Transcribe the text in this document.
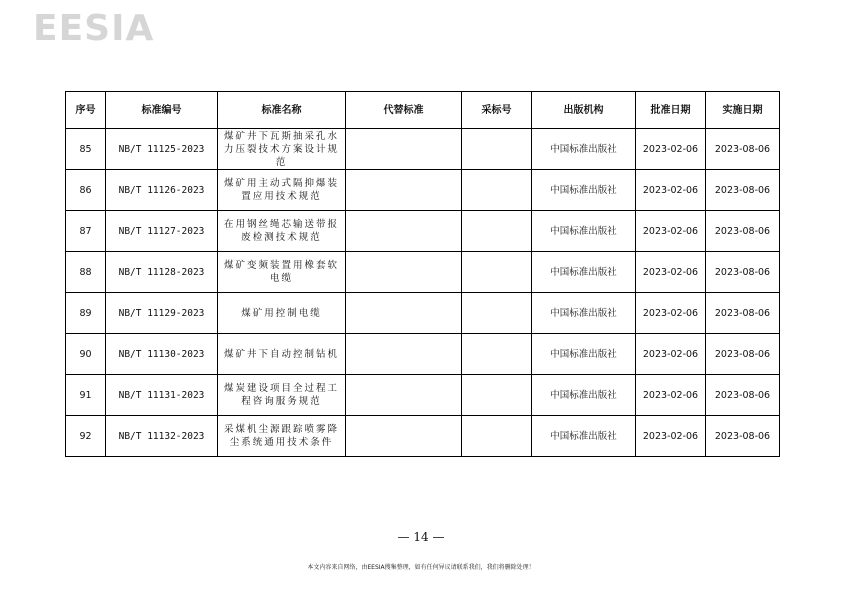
EESIA
序号	标准编号	标准名称	代替标准	采标号	出版机构	批准日期	实施日期
85	NB/T 11125-2023	煤矿井下瓦斯抽采孔水力压裂技术方案设计规范			中国标准出版社	2023-02-06	2023-08-06
86	NB/T 11126-2023	煤矿用主动式隔抑爆装置应用技术规范			中国标准出版社	2023-02-06	2023-08-06
87	NB/T 11127-2023	在用钢丝绳芯输送带报废检测技术规范			中国标准出版社	2023-02-06	2023-08-06
88	NB/T 11128-2023	煤矿变频装置用橡套软电缆			中国标准出版社	2023-02-06	2023-08-06
89	NB/T 11129-2023	煤矿用控制电缆			中国标准出版社	2023-02-06	2023-08-06
90	NB/T 11130-2023	煤矿井下自动控制钻机			中国标准出版社	2023-02-06	2023-08-06
91	NB/T 11131-2023	煤炭建设项目全过程工程咨询服务规范			中国标准出版社	2023-02-06	2023-08-06
92	NB/T 11132-2023	采煤机尘源跟踪喷雾降尘系统通用技术条件			中国标准出版社	2023-02-06	2023-08-06
— 14 —
本文内容来自网络，由EESIA搜集整理，如有任何异议请联系我们，我们将删除处理！
